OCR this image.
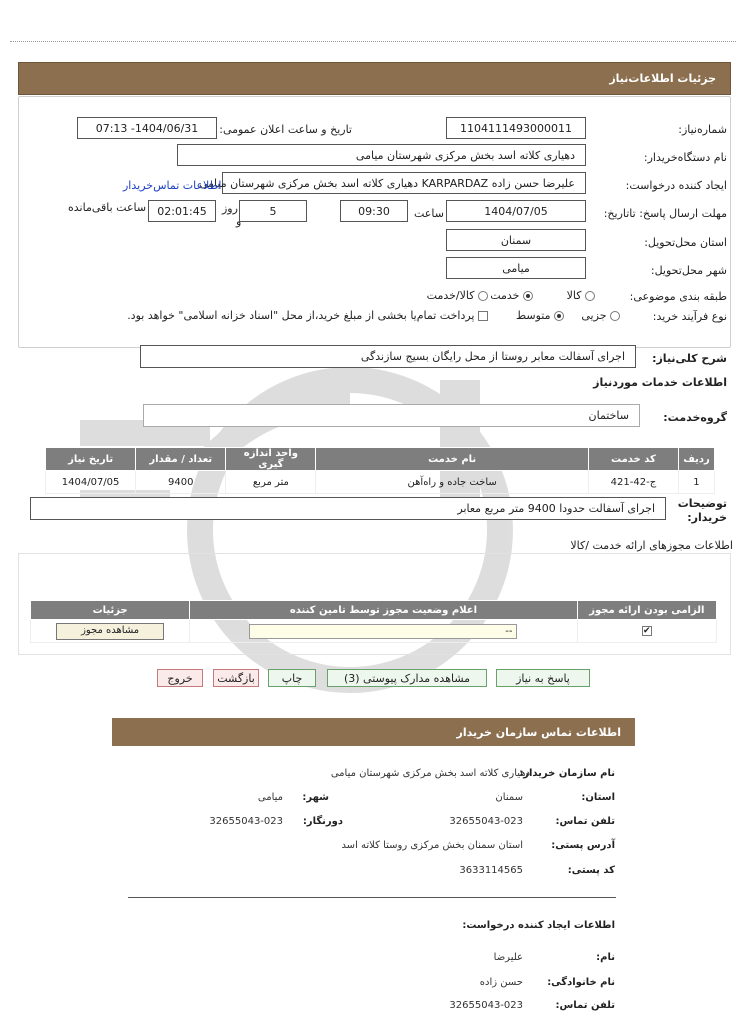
جزئیات اطلاعات‌نیاز
شماره‌نیاز:
1104111493000011
تاریخ و ساعت اعلان عمومی:
1404/06/31- 07:13
نام دستگاه‌خریدار:
دهیاری کلاته اسد بخش مرکزی شهرستان میامی
ایجاد کننده درخواست:
علیرضا حسن زاده KARPARDAZ دهیاری کلاته اسد بخش مرکزی شهرستان میامی
اطلاعات تماس‌خریدار
مهلت ارسال پاسخ: تاتاریخ:
1404/07/05
ساعت
09:30
5
روز
و
02:01:45
ساعت باقی‌مانده
استان محل‌تحویل:
سمنان
شهر محل‌تحویل:
میامی
طبقه بندی موضوعی:
کالا
خدمت
کالا/خدمت
نوع فرآیند خرید:
جزیی
متوسط
پرداخت تمام‌یا بخشی از مبلغ خرید،از محل "اسناد خزانه اسلامی" خواهد بود.
شرح کلی‌نیاز:
اجرای آسفالت معابر روستا از محل رایگان بسیج سازندگی
اطلاعات خدمات موردنیاز
گروه‌خدمت:
ساختمان
ردیف	کد خدمت	نام خدمت	واحد اندازه گیری	تعداد / مقدار	تاریخ نیاز
1	ج-42-421	ساخت جاده و راه‌آهن	متر مربع	9400	1404/07/05
توضیحات خریدار:
اجرای آسفالت حدودا 9400 متر مربع معابر
اطلاعات مجوزهای ارائه خدمت /کالا
الزامی بودن ارائه مجوز	اعلام وضعیت مجوز توسط تامین کننده	جزئیات
✔	--	مشاهده مجوز
پاسخ به نیاز
مشاهده مدارک پیوستی (3)
چاپ
بازگشت
خروج
اطلاعات تماس سازمان خریدار
نام سازمان خریدار:
دهیاری کلاته اسد بخش مرکزی شهرستان میامی
استان:
سمنان
شهر:
میامی
تلفن تماس:
32655043-023
دورنگار:
32655043-023
آدرس پستی:
استان سمنان بخش مرکزی روستا کلاته اسد
کد پستی:
3633114565
اطلاعات ایجاد کننده درخواست:
نام:
علیرضا
نام خانوادگی:
حسن زاده
تلفن تماس:
32655043-023
